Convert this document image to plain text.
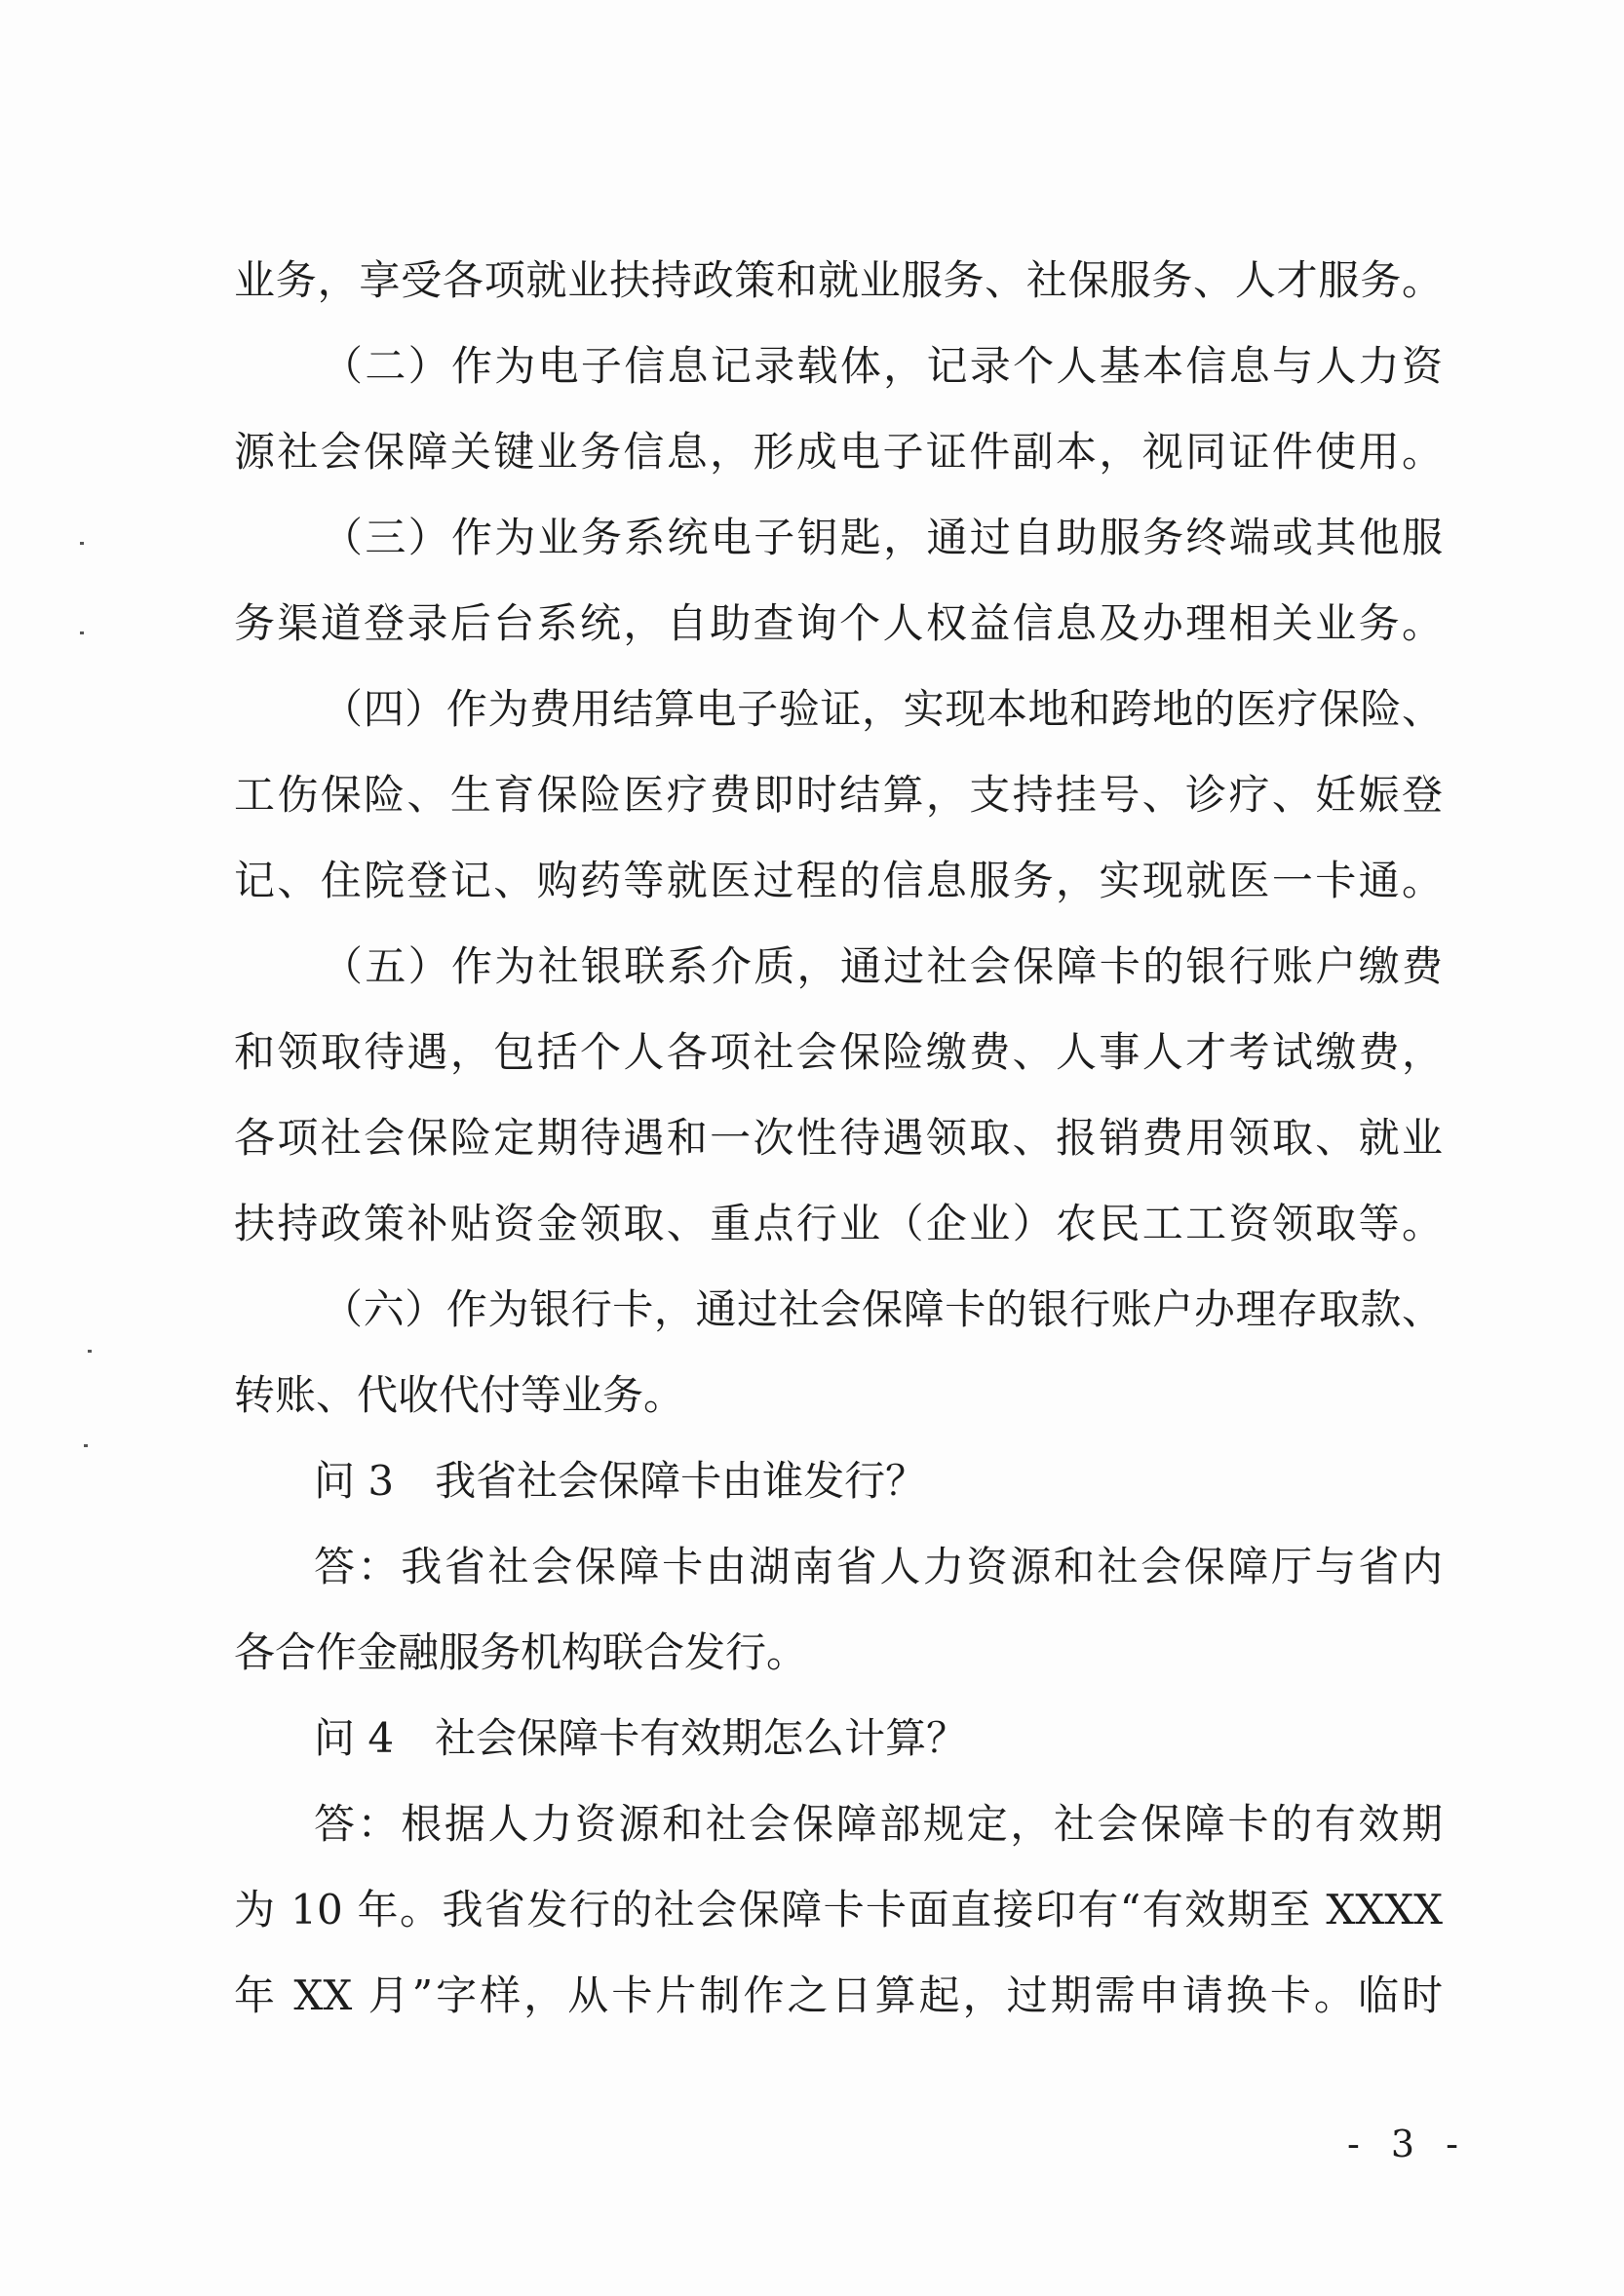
业务，享受各项就业扶持政策和就业服务、社保服务、人才服务。
（二）作为电子信息记录载体，记录个人基本信息与人力资
源社会保障关键业务信息，形成电子证件副本，视同证件使用。
（三）作为业务系统电子钥匙，通过自助服务终端或其他服
务渠道登录后台系统，自助查询个人权益信息及办理相关业务。
（四）作为费用结算电子验证，实现本地和跨地的医疗保险、
工伤保险、生育保险医疗费即时结算，支持挂号、诊疗、妊娠登
记、住院登记、购药等就医过程的信息服务，实现就医一卡通。
（五）作为社银联系介质，通过社会保障卡的银行账户缴费
和领取待遇，包括个人各项社会保险缴费、人事人才考试缴费，
各项社会保险定期待遇和一次性待遇领取、报销费用领取、就业
扶持政策补贴资金领取、重点行业（企业）农民工工资领取等。
（六）作为银行卡，通过社会保障卡的银行账户办理存取款、
转账、代收代付等业务。
问 3　我省社会保障卡由谁发行？
答：我省社会保障卡由湖南省人力资源和社会保障厅与省内
各合作金融服务机构联合发行。
问 4　社会保障卡有效期怎么计算？
答：根据人力资源和社会保障部规定，社会保障卡的有效期
为 10 年。我省发行的社会保障卡卡面直接印有“有效期至 XXXX
年 XX 月”字样，从卡片制作之日算起，过期需申请换卡。临时
- 3 -
